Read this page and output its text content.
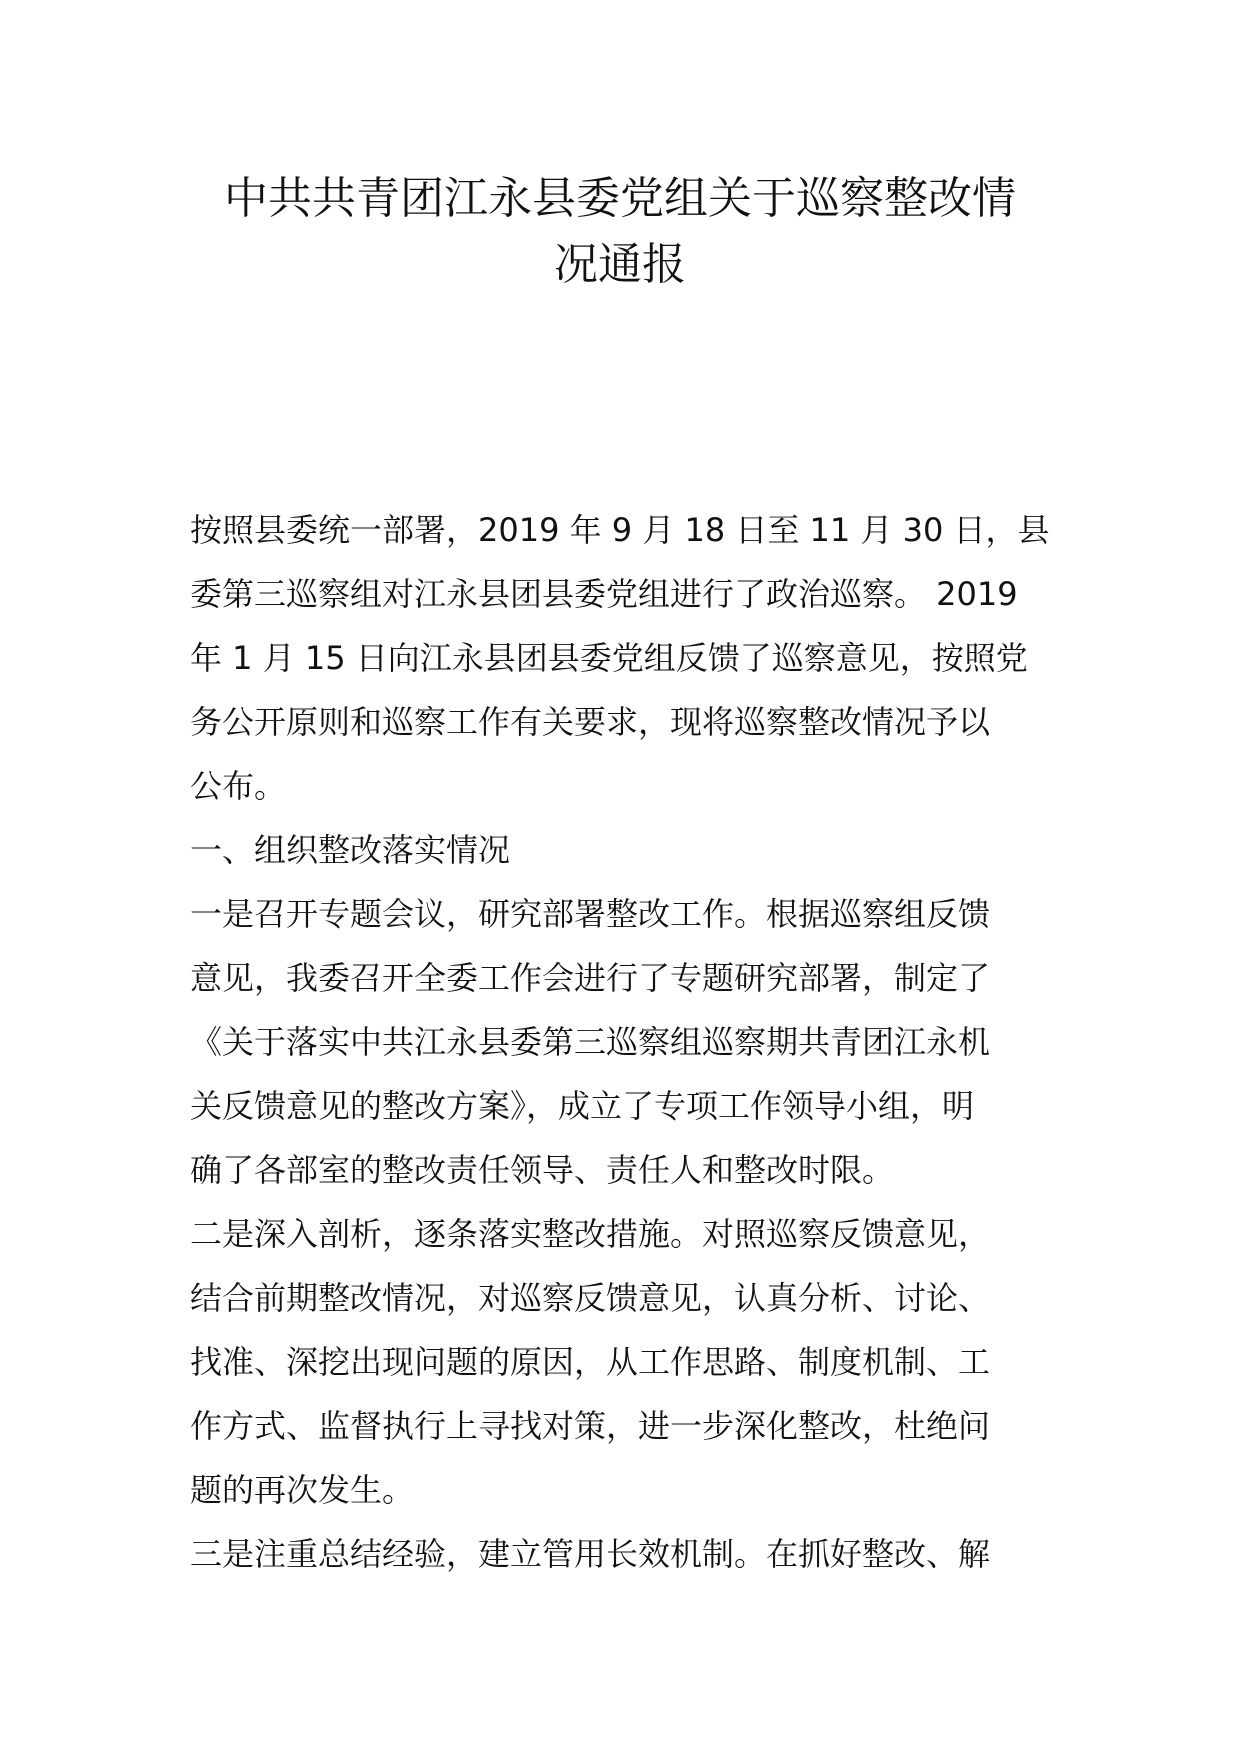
中共共青团江永县委党组关于巡察整改情
况通报
按照县委统一部署，2019 年 9 月 18 日至 11 月 30 日，县
委第三巡察组对江永县团县委党组进行了政治巡察。 2019
年 1 月 15 日向江永县团县委党组反馈了巡察意见，按照党
务公开原则和巡察工作有关要求，现将巡察整改情况予以
公布。
一、组织整改落实情况
一是召开专题会议，研究部署整改工作。根据巡察组反馈
意见，我委召开全委工作会进行了专题研究部署，制定了
《关于落实中共江永县委第三巡察组巡察期共青团江永机
关反馈意见的整改方案》，成立了专项工作领导小组，明
确了各部室的整改责任领导、责任人和整改时限。
二是深入剖析，逐条落实整改措施。对照巡察反馈意见，
结合前期整改情况，对巡察反馈意见，认真分析、讨论、
找准、深挖出现问题的原因，从工作思路、制度机制、工
作方式、监督执行上寻找对策，进一步深化整改，杜绝问
题的再次发生。
三是注重总结经验，建立管用长效机制。在抓好整改、解
